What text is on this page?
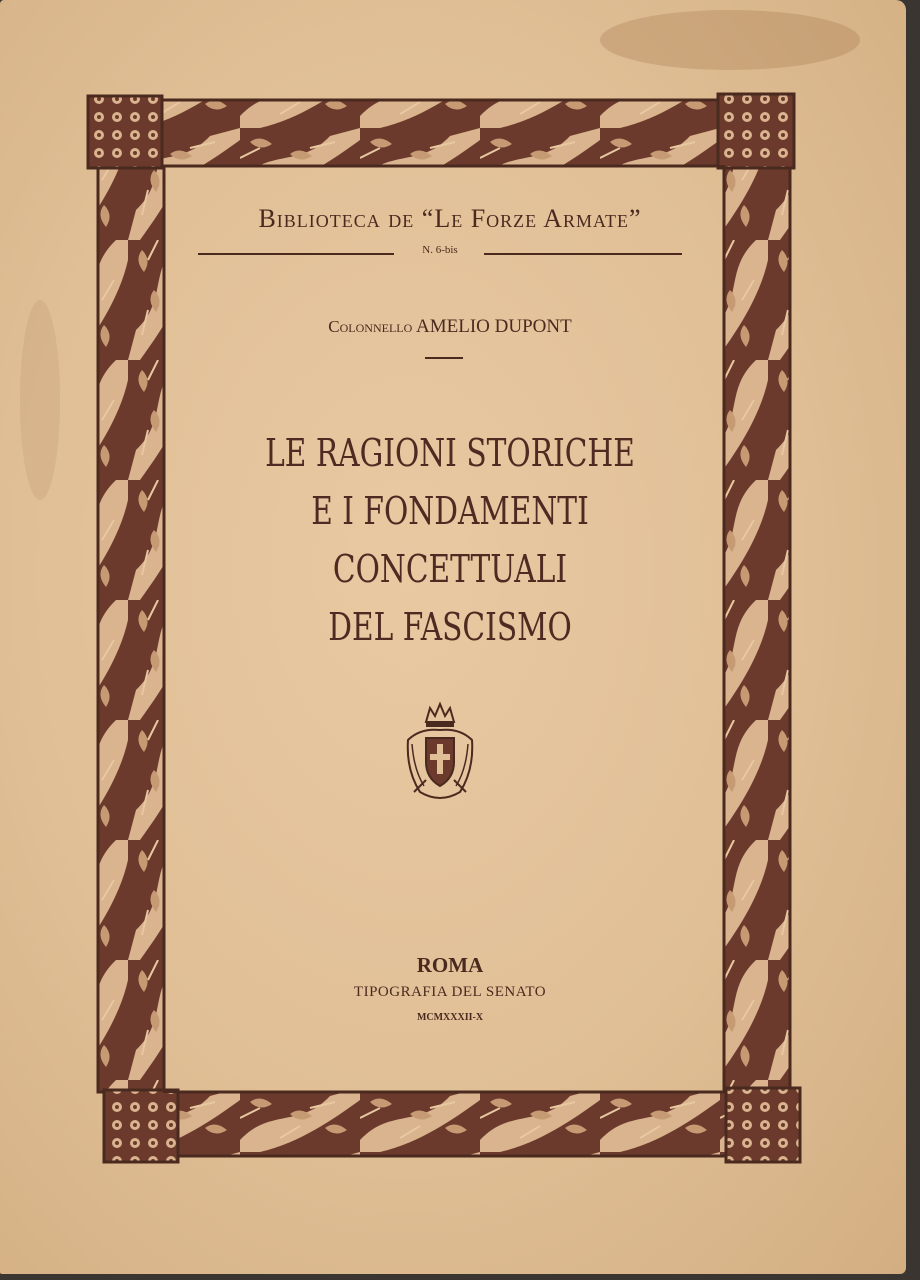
Biblioteca de “Le Forze Armate”
N. 6-bis
Colonnello AMELIO DUPONT
LE RAGIONI STORICHE
E I FONDAMENTI CONCETTUALI
DEL FASCISMO
ROMA
TIPOGRAFIA DEL SENATO
MCMXXXII-X
